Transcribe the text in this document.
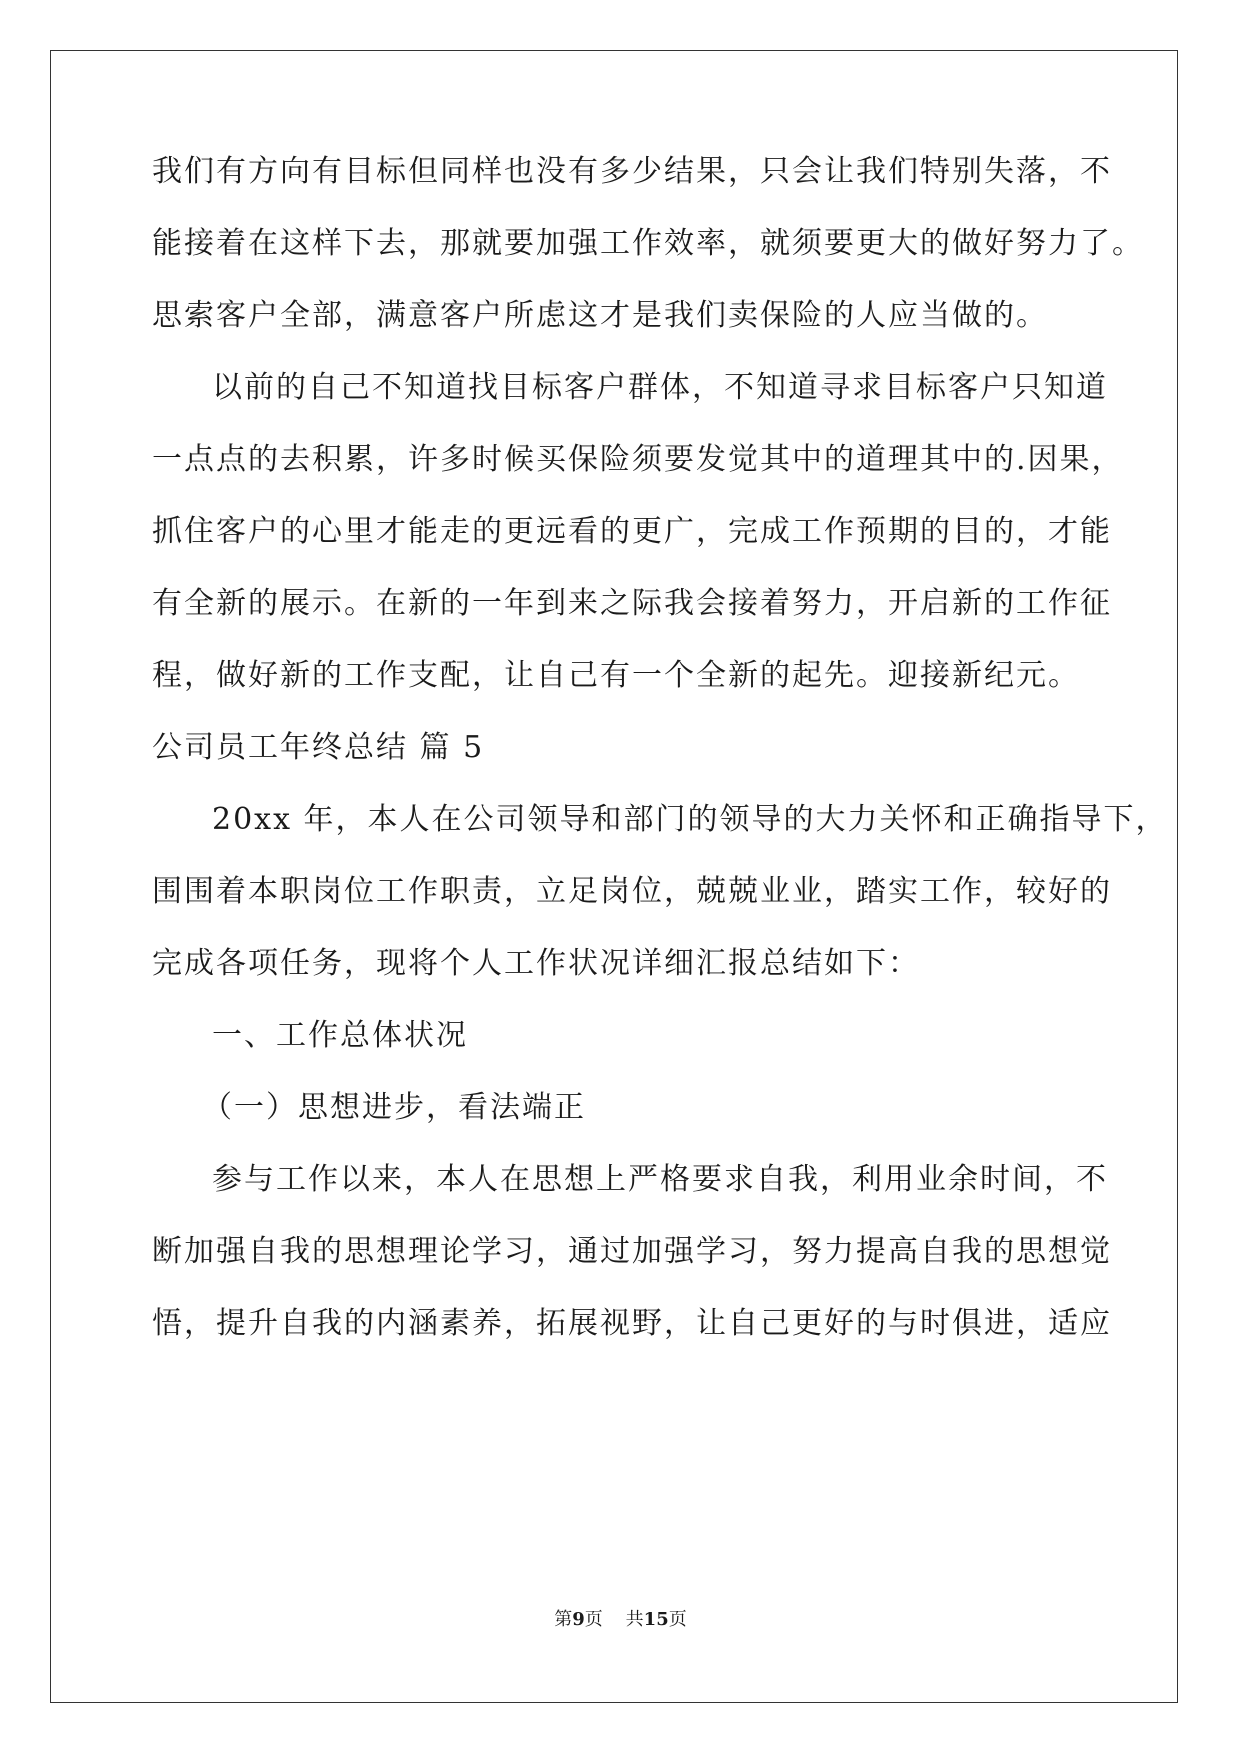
我们有方向有目标但同样也没有多少结果，只会让我们特别失落，不
能接着在这样下去，那就要加强工作效率，就须要更大的做好努力了。
思索客户全部，满意客户所虑这才是我们卖保险的人应当做的。
以前的自己不知道找目标客户群体，不知道寻求目标客户只知道
一点点的去积累，许多时候买保险须要发觉其中的道理其中的.因果，
抓住客户的心里才能走的更远看的更广，完成工作预期的目的，才能
有全新的展示。在新的一年到来之际我会接着努力，开启新的工作征
程，做好新的工作支配，让自己有一个全新的起先。迎接新纪元。
公司员工年终总结 篇 5
20xx 年，本人在公司领导和部门的领导的大力关怀和正确指导下，
围围着本职岗位工作职责，立足岗位，兢兢业业，踏实工作，较好的
完成各项任务，现将个人工作状况详细汇报总结如下：
一、工作总体状况
（一）思想进步，看法端正
参与工作以来，本人在思想上严格要求自我，利用业余时间，不
断加强自我的思想理论学习，通过加强学习，努力提高自我的思想觉
悟，提升自我的内涵素养，拓展视野，让自己更好的与时俱进，适应
第9页 共15页
